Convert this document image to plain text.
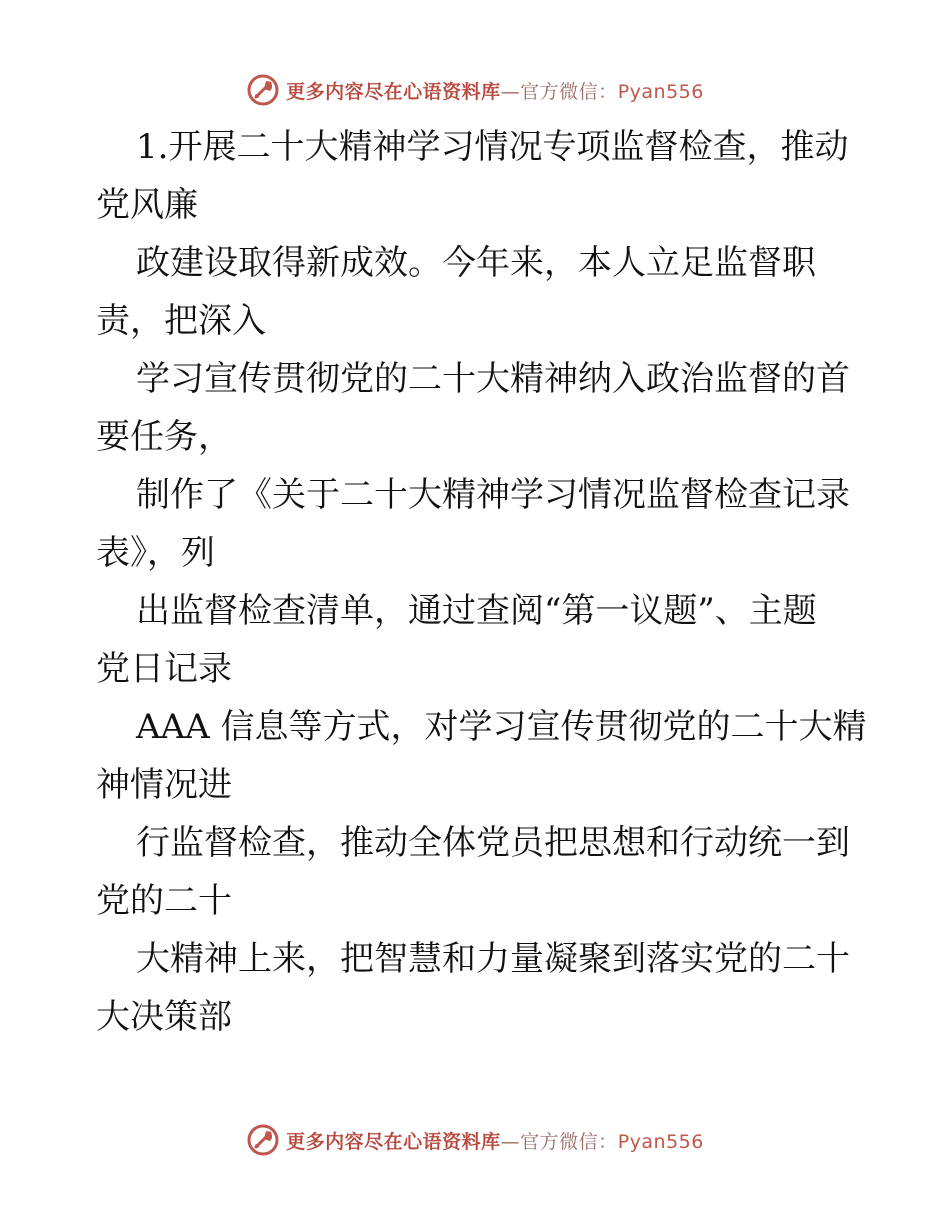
更多内容尽在心语资料库—官方微信：Pyan556

1.开展二十大精神学习情况专项监督检查，推动
党风廉

政建设取得新成效。今年来，本人立足监督职
责，把深入

学习宣传贯彻党的二十大精神纳入政治监督的首
要任务，

制作了《关于二十大精神学习情况监督检查记录
表》，列

出监督检查清单，通过查阅“第一议题”、主题
党日记录

AAA 信息等方式，对学习宣传贯彻党的二十大精
神情况进

行监督检查，推动全体党员把思想和行动统一到
党的二十

大精神上来，把智慧和力量凝聚到落实党的二十
大决策部

更多内容尽在心语资料库—官方微信：Pyan556
